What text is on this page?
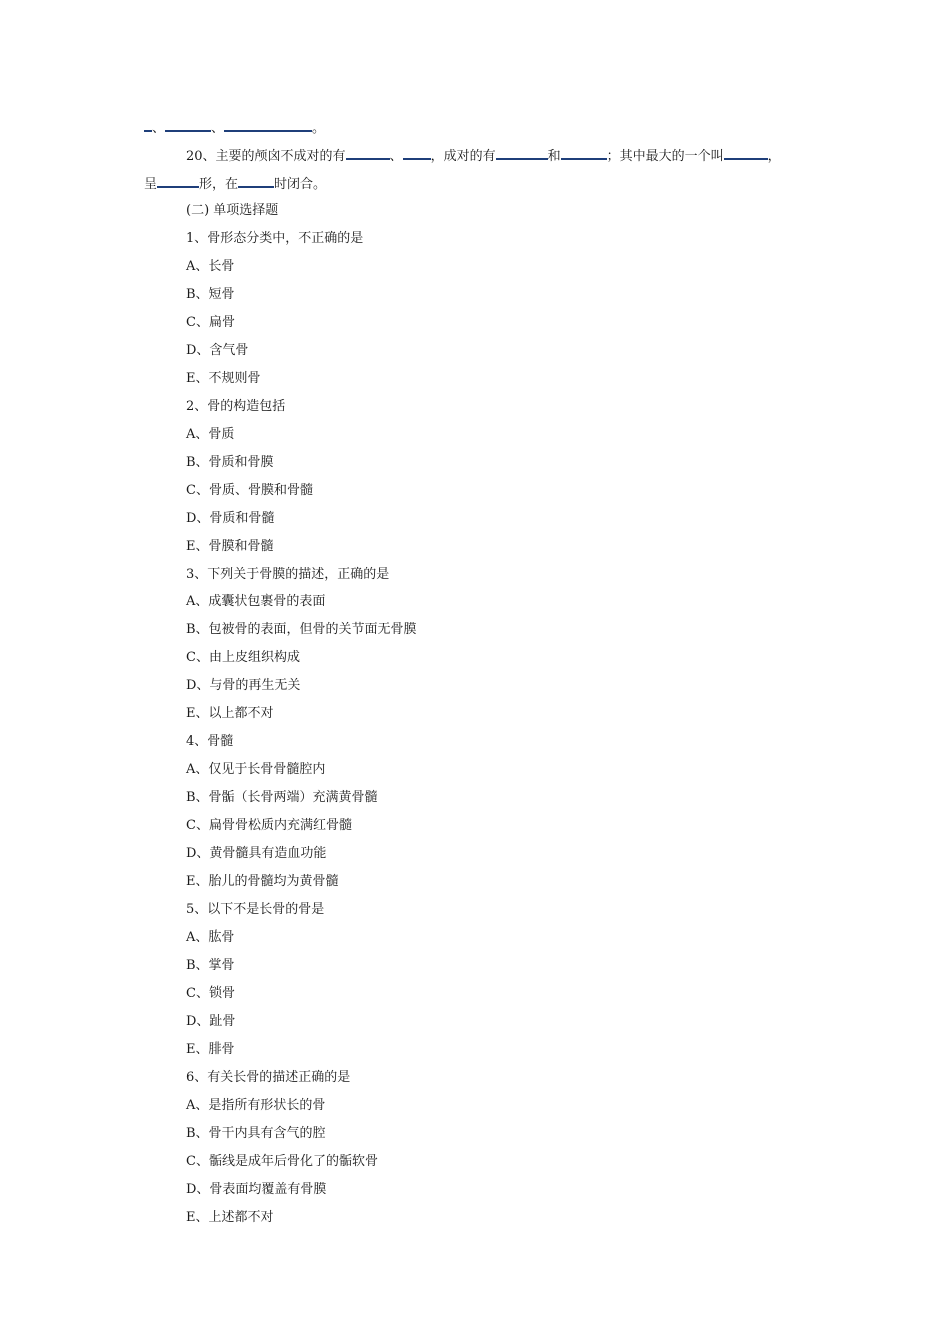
、	、	。
20、主要的颅囟不成对的有	、 ，成对的有	和	；其中最大的一个叫	，
呈	形，在	时闭合。
(二) 单项选择题
1、骨形态分类中，不正确的是
A、长骨
B、短骨
C、扁骨
D、含气骨
E、不规则骨
2、骨的构造包括
A、骨质
B、骨质和骨膜
C、骨质、骨膜和骨髓
D、骨质和骨髓
E、骨膜和骨髓
3、下列关于骨膜的描述，正确的是
A、成囊状包裹骨的表面
B、包被骨的表面，但骨的关节面无骨膜
C、由上皮组织构成
D、与骨的再生无关
E、以上都不对
4、骨髓
A、仅见于长骨骨髓腔内
B、骨骺（长骨两端）充满黄骨髓
C、扁骨骨松质内充满红骨髓
D、黄骨髓具有造血功能
E、胎儿的骨髓均为黄骨髓
5、以下不是长骨的骨是
A、肱骨
B、掌骨
C、锁骨
D、趾骨
E、腓骨
6、有关长骨的描述正确的是
A、是指所有形状长的骨
B、骨干内具有含气的腔
C、骺线是成年后骨化了的骺软骨
D、骨表面均覆盖有骨膜
E、上述都不对
